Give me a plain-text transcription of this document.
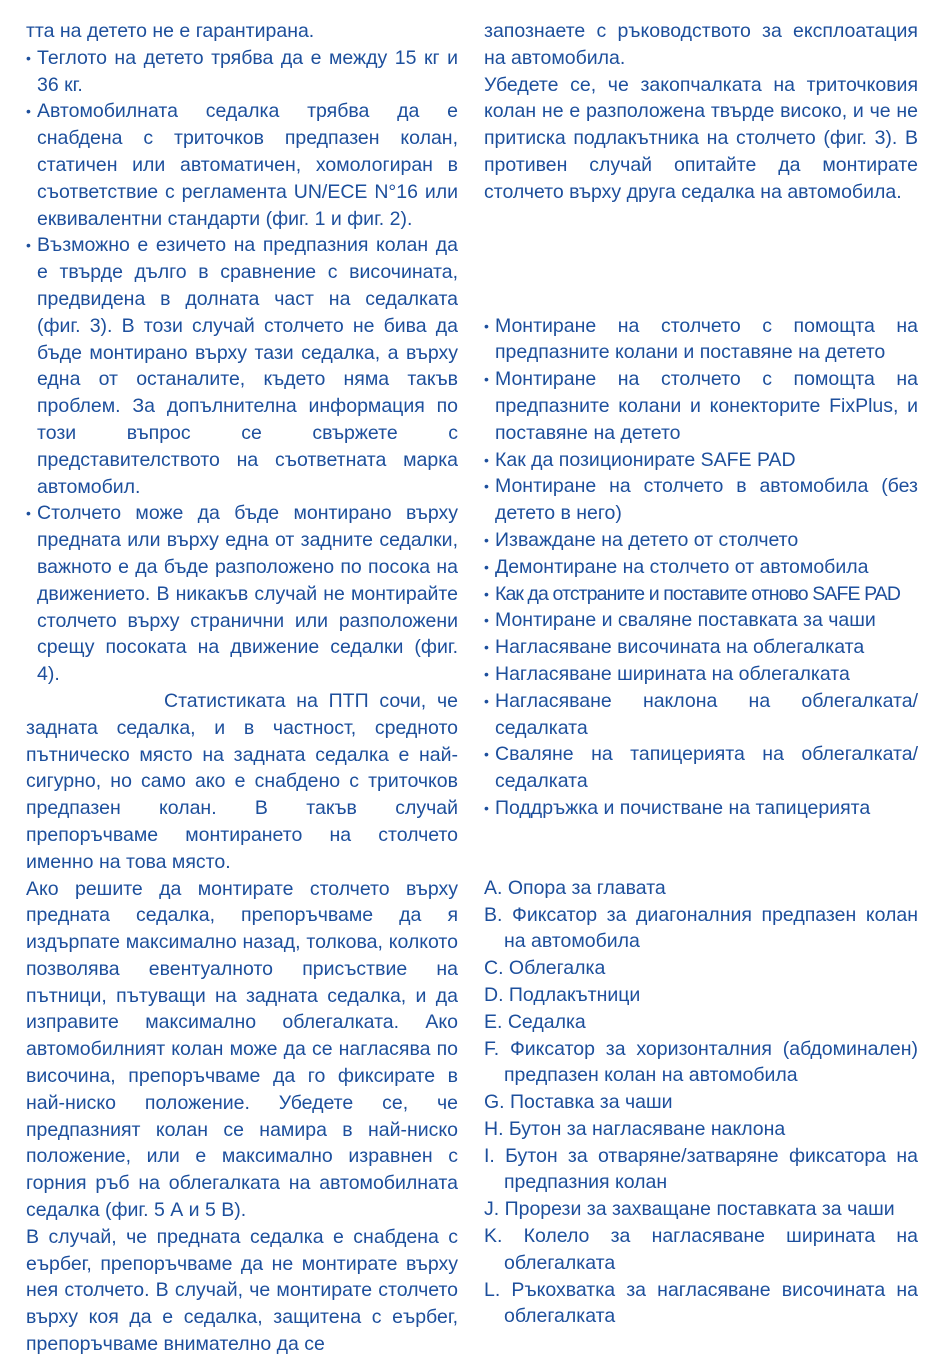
тта на детето не е гарантирана.

• Теглото на детето трябва да е между 15 кг и 36 кг.

• Автомобилната седалка трябва да е снабдена с триточков предпазен колан, статичен или автоматичен, хомологиран в съответствие с регламента UN/ECE N°16 или еквивалентни стандарти (фиг. 1 и фиг. 2).

• Възможно е езичето на предпазния колан да е твърде дълго в сравнение с височината, предвидена в долната част на седалката (фиг. 3). В този случай столчето не бива да бъде монтирано върху тази седалка, а върху една от останалите, където няма такъв проблем. За допълнителна информация по този въпрос се свържете с представителството на съответната марка автомобил.

• Столчето може да бъде монтирано върху предната или върху една от задните седалки, важното е да бъде разположено по посока на движението. В никакъв случай не монтирайте столчето върху странични или разположени срещу посоката на движение седалки (фиг. 4).

Статистиката на ПТП сочи, че задната седалка, и в частност, средното пътническо място на задната седалка е най-сигурно, но само ако е снабдено с триточков предпазен колан. В такъв случай препоръчваме монтирането на столчето именно на това място.

Ако решите да монтирате столчето върху предната седалка, препоръчваме да я издърпате максимално назад, толкова, колкото позволява евентуалното присъствие на пътници, пътуващи на задната седалка, и да изправите максимално облегалката. Ако автомобилният колан може да се нагласява по височина, препоръчваме да го фиксирате в най-ниско положение. Убедете се, че предпазният колан се намира в най-ниско положение, или е максимално изравнен с горния ръб на облегалката на автомобилната седалка (фиг. 5 А и 5 В).

В случай, че предната седалка е снабдена с еърбег, препоръчваме да не монтирате върху нея столчето. В случай, че монтирате столчето върху коя да е седалка, защитена с еърбег, препоръчваме внимателно да се

запознаете с ръководството за експлоатация на автомобила.

Убедете се, че закопчалката на триточковия колан не е разположена твърде високо, и че не притиска подлакътника на столчето (фиг. 3). В противен случай опитайте да монтирате столчето върху друга седалка на автомобила.

• Монтиране на столчето с помощта на предпазните колани и поставяне на детето

• Монтиране на столчето с помощта на предпазните колани и конекторите FixPlus, и поставяне на детето

• Как да позиционирате SAFE PAD

• Монтиране на столчето в автомобила (без детето в него)

• Изваждане на детето от столчето

• Демонтиране на столчето от автомобила

• Как да отстраните и поставите отново SAFE PAD

• Монтиране и сваляне поставката за чаши

• Нагласяване височината на облегалката

• Нагласяване ширината на облегалката

• Нагласяване наклона на облегалката/седалката

• Сваляне на тапицерията на облегалката/седалката

• Поддръжка и почистване на тапицерията

A. Опора за главата

B. Фиксатор за диагоналния предпазен колан на автомобила

C. Облегалка

D. Подлакътници

E. Седалка

F. Фиксатор за хоризонталния (абдоминален) предпазен колан на автомобила

G. Поставка за чаши

H. Бутон за нагласяване наклона

I. Бутон за отваряне/затваряне фиксатора на предпазния колан

J. Прорези за захващане поставката за чаши

K. Колело за нагласяване ширината на облегалката

L. Ръкохватка за нагласяване височината на облегалката
